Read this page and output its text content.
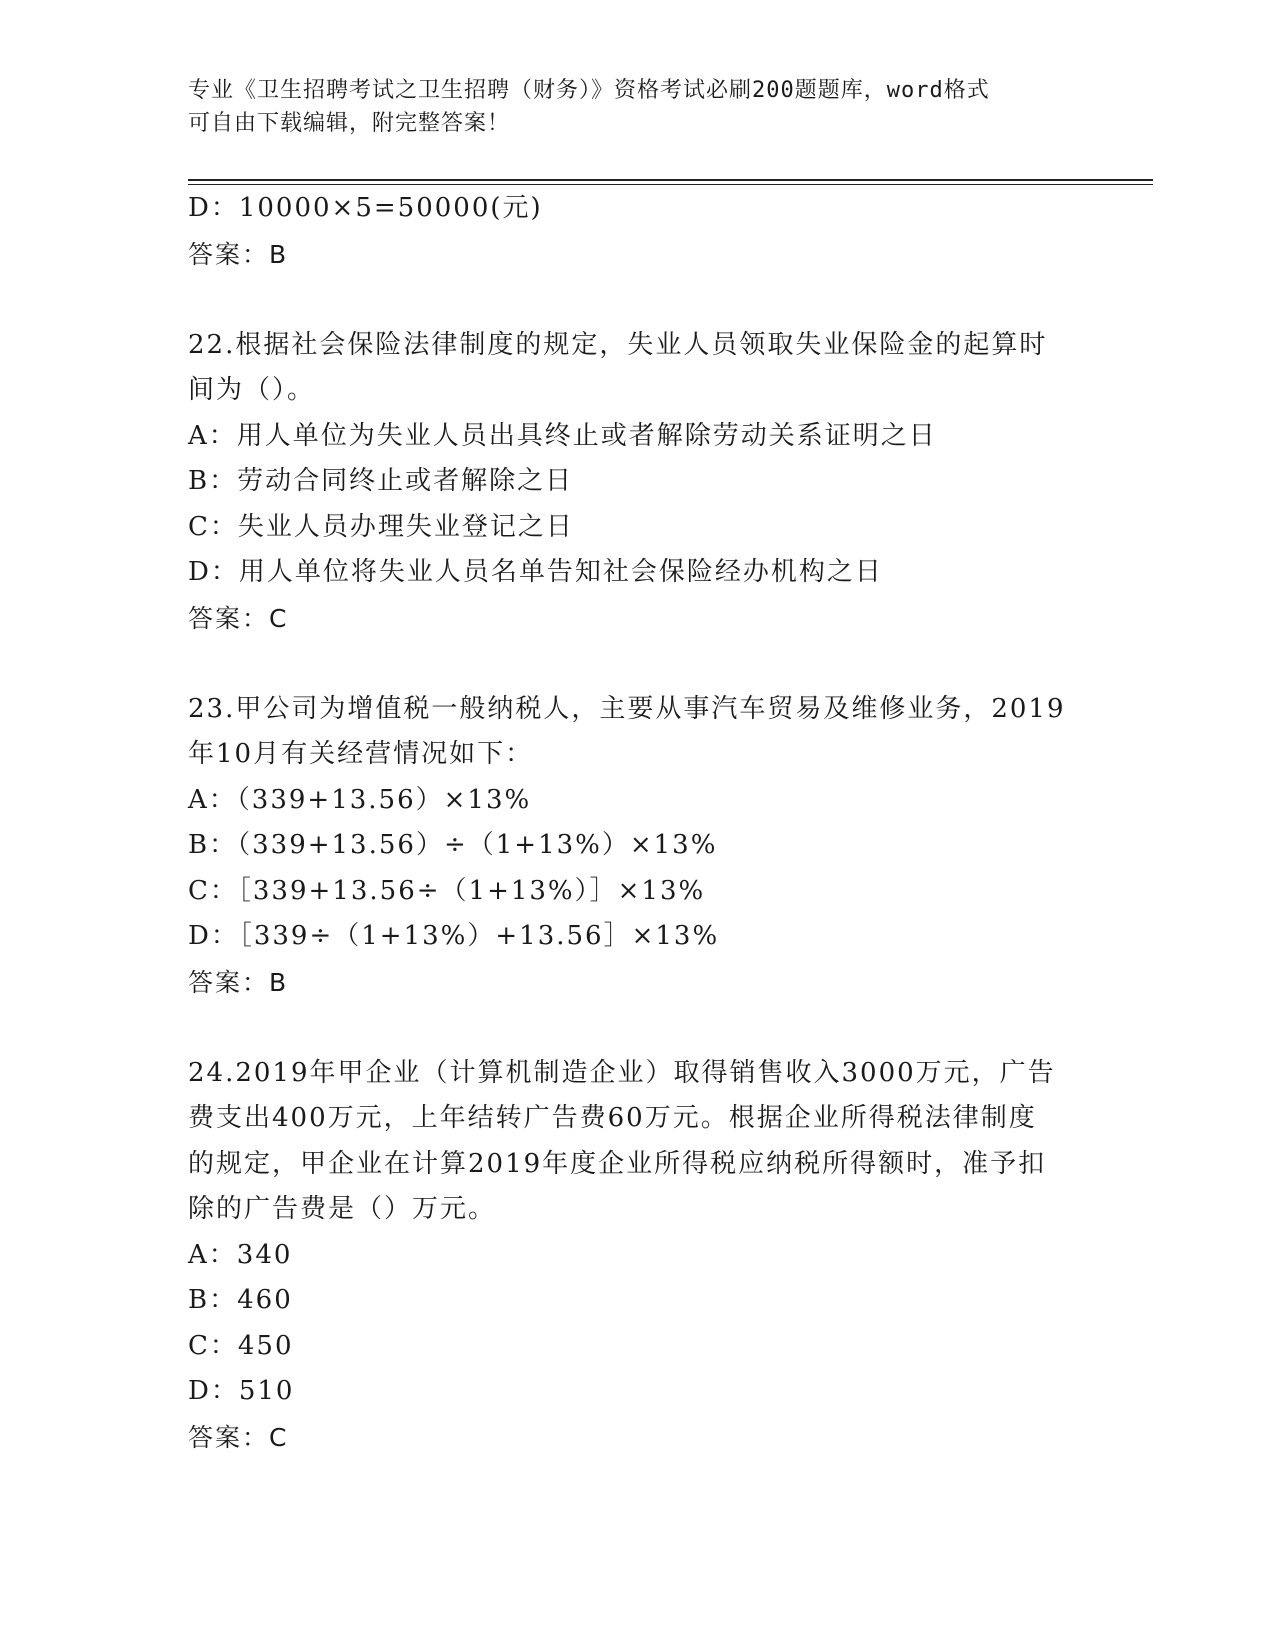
专业《卫生招聘考试之卫生招聘（财务）》资格考试必刷200题题库，word格式
可自由下载编辑，附完整答案！
D：10000×5=50000(元)
答案：B
22.根据社会保险法律制度的规定，失业人员领取失业保险金的起算时
间为（）。
A：用人单位为失业人员出具终止或者解除劳动关系证明之日
B：劳动合同终止或者解除之日
C：失业人员办理失业登记之日
D：用人单位将失业人员名单告知社会保险经办机构之日
答案：C
23.甲公司为增值税一般纳税人，主要从事汽车贸易及维修业务，2019
年10月有关经营情况如下：
A：（339+13.56）×13%
B：（339+13.56）÷（1+13%）×13%
C：［339+13.56÷（1+13%）］×13%
D：［339÷（1+13%）+13.56］×13%
答案：B
24.2019年甲企业（计算机制造企业）取得销售收入3000万元，广告
费支出400万元，上年结转广告费60万元。根据企业所得税法律制度
的规定，甲企业在计算2019年度企业所得税应纳税所得额时，准予扣
除的广告费是（）万元。
A：340
B：460
C：450
D：510
答案：C
